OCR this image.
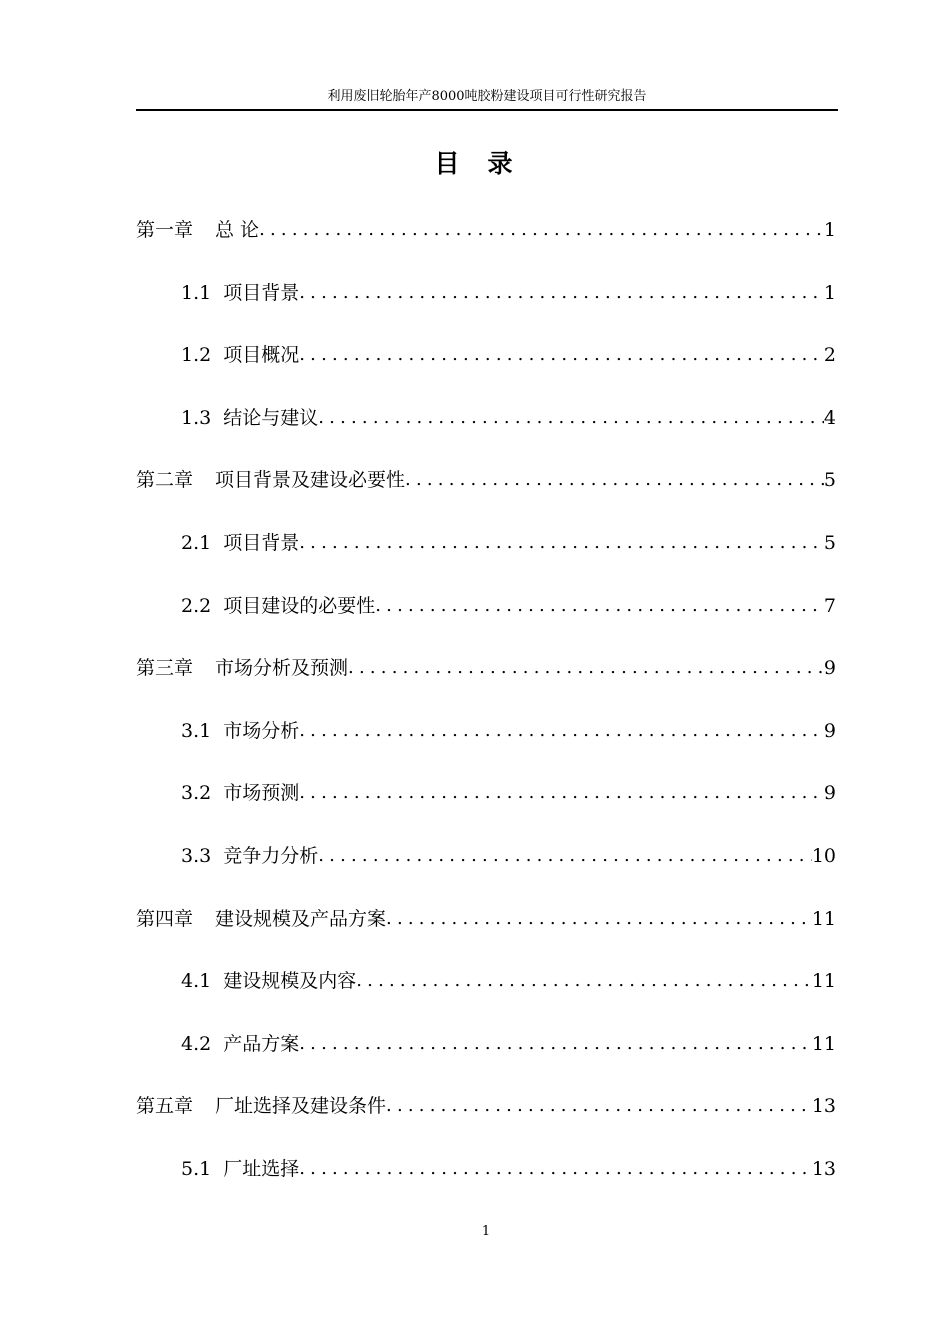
利用废旧轮胎年产8000吨胶粉建设项目可行性研究报告
目录
第一章 总 论 .....	1
1.1 项目背景 .....	1
1.2 项目概况 .....	2
1.3 结论与建议 .....	4
第二章 项目背景及建设必要性 .....	5
2.1 项目背景 .....	5
2.2 项目建设的必要性 .....	7
第三章 市场分析及预测 .....	9
3.1 市场分析 .....	9
3.2 市场预测 .....	9
3.3 竞争力分析 .....	10
第四章 建设规模及产品方案 .....	11
4.1 建设规模及内容 .....	11
4.2 产品方案 .....	11
第五章 厂址选择及建设条件 .....	13
5.1 厂址选择 .....	13
1
